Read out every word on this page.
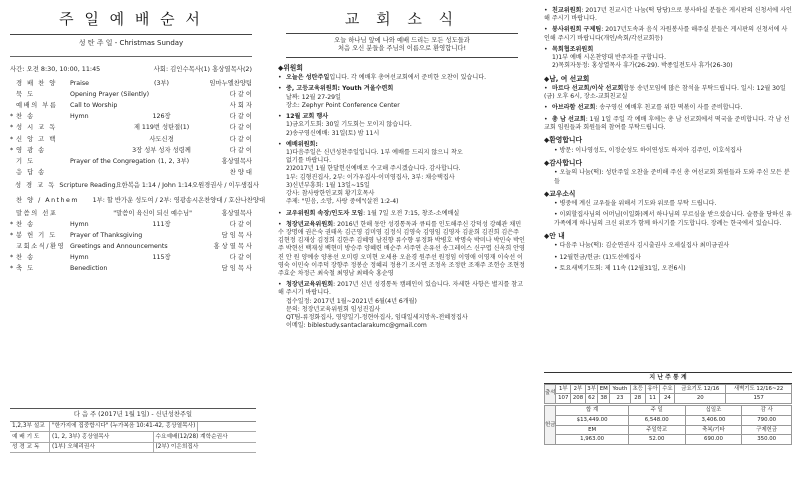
주 일 예 배 순 서
성 탄 주 일 - Christmas Sunday
사간: 오전 8:30, 10:00, 11:45	사회: 김인수목사(1) 홍상열목사(2)
경 배 찬 양	Praise	(3부)	임마누엘찬양팀
묵 도	Opening Prayer (Silently)	다 같 이
예배의 부름	Call to Worship	사 회 자
* 찬 송	Hymn	126장	다 같 이
* 성 시 교 독	제 119번 성탄절(1)	다 같 이
* 신 앙 고 백	사도신경	다 같 이
* 영 광 송	3장 성부 성자 성령께	다 같 이
기 도	Prayer of the Congregation (1, 2, 3부)	홍상열목사
응 답 송	찬 양 대
성 경 교 독 Scripture Reading 요한복음 1:14 / John 1:14 오원경권사 / 이두생집사
찬 양 / Anthem 1부: 할 반가운 성도여 / 2부: 영광송 시온찬양대 / 호산나찬양대
말씀의 선포	"말씀이 육신이 되신 예수님"	홍상열목사
* 찬 송	Hymn	111장	다 같 이
* 봉 헌 기 도	Prayer of Thanksgiving	담 임 목 사
교회소식/환영 Greetings and Announcements	홍 상 열 목 사
* 찬 송	Hymn	115장	다 같 이
* 축 도	Benediction	담 임 목 사
다 음 주 (2017년 1월 1일) - 신년성찬주일
1,2,3부 설교	"한가지에 집중합시다" (누가복음 10:41-42, 홍상열목사)
예 배 기 도	(1, 2, 3부) 홍상열목사	수요예배(12/28) 계학순권사
성 경 교 독	(1부) 오혜리권사	(2부) 이은희집사
교 회 소 식
오늘 하나님 앞에 나와 예배 드리는 모든 성도들과
처음 오신 분들을 주님의 이름으로 환영합니다!
◆위원회
• 오늘은 성탄주일입니다. 각 예배후 총여선교회에서 준비한 오찬이 있습니다.
• 중, 고등교육위원회: Youth 겨울수련회
날짜: 12월 27-29일
장소: Zephyr Point Conference Center
• 12월 교회 행사
1)금요기도회: 30일 기도회는 모이지 않습니다.
2)송구영신예배: 31일(토) 밤 11시
• 예배위원회:
1)다음주일은 신년성찬주일입니다. 1부 예배를 드리지 않으니 착오
없기를 바랍니다.
2)2017년 1월 한달헌신예배로 수고해 주시겠습니다. 감사합니다.
1부: 김형진집사, 2부: 이가우집사·이미영집사, 3부: 채승택집사
3)신년부흥회: 1월 13일~15일
강사: 참사랑한인교회 황기호목사
주제: "믿음, 소망, 사랑 중에"(살전 1:2-4)
• 교우위원회 속장/인도자 모임: 1월 7일 오전 7:15, 창조-소예배실
• 청장년교육위원회: 2016년 한해 동안 성경통독과 큐티를 인도해주신 강덕성 강혜관 채민수 장명애 권은숙 권태옥 김근영 김미영 김정식 김영숙 김영임 김영자 김윤희 김진희 김은주 김현정 김재상 김정희 김한주 김혜영 남진향 류수향 류정화 박병호 박명숙 박미나 박민숙 박인주 박현선 백재성 백현미 방승주 양혜련 배순주 서주연 손유선 송그레이스 신구엽 신옥희 안영진 안 원 양예송 양용선 오미령 오미현 오세용 오윤경 원주선 원정임 이영애 이영재 이숙선 이영숙 이민숙 이주덕 장향주 정봉순 정혜리 정용기 조시연 조정옥 조정란 조재주 조헌승 조현정 주효순 차정근 최숙철 최영남 최혜숙 홍순영
• 청장년교육위원회: 2017년 신년 성경통독 캠페인이 있습니다. 자세한 사항은 별지를 참고해 주시기 바랍니다.
접수일정: 2017년 1월~2021년 6월(4년 6개월)
문의: 청장년교육위원회 임성진집사
QT팀-류정화집사, 영양일기-정현아집사, 임대일세지망옥-전혜정집사
이메일: biblestudy.santaclarakumc@gmail.com
• 친교위원회: 2017년 친교시간 나눔(떡 당당)으로 봉사하실 분들은 게시판의 신청서에 사인해 주시기 바랍니다.
• 봉사위원회 구제팀: 2017년도속과 음식 자원봉사를 해주실 분들은 게시판의 신청서에 사인해 주시기 바랍니다(개인/속회/각선교회등)
• 목회협조위원회
1)1부 예배 시온찬양대 반주자를 구합니다.
2)목회자동정: 홍상열목사 휴가(26-29). 박종일전도사 휴가(26-30)
◆남, 여 선교회
• 마르다 선교회/이삭 선교회합동 송년모임에 많은 참석을 부탁드립니다. 일시: 12월 30일(금) 오후 6시, 장소-교회친교실
• 아브라함 선교회: 송구영신 예배후 친교를 위한 떡볶이 사를 준비합니다.
• 총 남 선교회: 1월 1일 주일 각 예배 후에는 총 남 선교회에서 떡국을 준비합니다. 각 남 선교회 임원들과 회원들의 참여를 부탁드립니다.
◆환영합니다
• 방문: 이나영성도, 이정순성도 하이연성도 하지아 김주민, 이호석집사
◆감사합니다
• 오늘의 나눔(떡): 성탄주일 오찬을 준비해 주신 총 여선교회 회원들과 도와 주신 모든 분들
◆교우소식
• 병중에 계신 교우들을 위해서 기도와 위로를 부탁 드립니다.
• 이외할집사님의 어머님(이일화)께서 하나님의 부르심을 받으셨습니다. 슬픔을 당하신 유가족에게 하나님의 크신 위로가 함께 하시기를 기도합니다. 장례는 한국에서 있습니다.
◆안 내
• 다음주 나눔(떡): 김순연권사 김시출권사 오세실집사 최미금권사
• 12월헌금/헌금: (1)도선예집사
• 토요새벽기도회: 제 11속 (12월31일, 오전6시)
지 난 주 통 계
출석	1부	2부	3부	EM	Youth	초등	유아	수요	금요기도 12/16	새벽기도 12/16~22
	107	208	62	38	23	28	11	24	20	157
헌금	합 계	주 일	십일조	감 사
	$13,449.00	6,548.00	3,406.00	790.00
	EM	주일학교	축복/기타	구제헌금
	1,963.00	52.00	690.00	350.00
